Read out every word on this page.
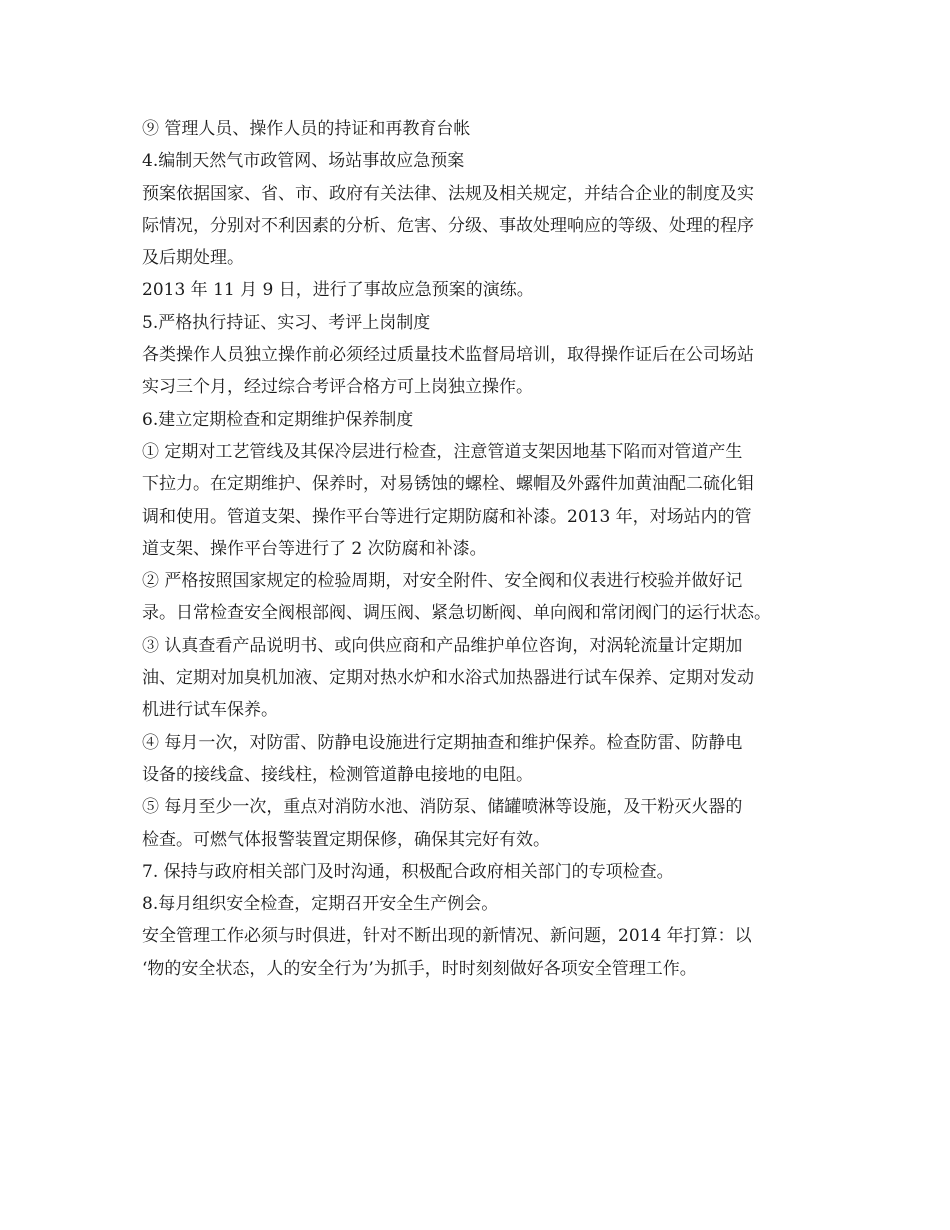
⑨ 管理人员、操作人员的持证和再教育台帐
4.编制天然气市政管网、场站事故应急预案
预案依据国家、省、市、政府有关法律、法规及相关规定，并结合企业的制度及实
际情况，分别对不利因素的分析、危害、分级、事故处理响应的等级、处理的程序
及后期处理。
2013 年 11 月 9 日，进行了事故应急预案的演练。
5.严格执行持证、实习、考评上岗制度
各类操作人员独立操作前必须经过质量技术监督局培训，取得操作证后在公司场站
实习三个月，经过综合考评合格方可上岗独立操作。
6.建立定期检查和定期维护保养制度
① 定期对工艺管线及其保冷层进行检查，注意管道支架因地基下陷而对管道产生
下拉力。在定期维护、保养时，对易锈蚀的螺栓、螺帽及外露件加黄油配二硫化钼
调和使用。管道支架、操作平台等进行定期防腐和补漆。2013 年，对场站内的管
道支架、操作平台等进行了 2 次防腐和补漆。
② 严格按照国家规定的检验周期，对安全附件、安全阀和仪表进行校验并做好记
录。日常检查安全阀根部阀、调压阀、紧急切断阀、单向阀和常闭阀门的运行状态。
③ 认真查看产品说明书、或向供应商和产品维护单位咨询，对涡轮流量计定期加
油、定期对加臭机加液、定期对热水炉和水浴式加热器进行试车保养、定期对发动
机进行试车保养。
④ 每月一次，对防雷、防静电设施进行定期抽查和维护保养。检查防雷、防静电
设备的接线盒、接线柱，检测管道静电接地的电阻。
⑤ 每月至少一次，重点对消防水池、消防泵、储罐喷淋等设施，及干粉灭火器的
检查。可燃气体报警装置定期保修，确保其完好有效。
7. 保持与政府相关部门及时沟通，积极配合政府相关部门的专项检查。
8.每月组织安全检查，定期召开安全生产例会。
安全管理工作必须与时俱进，针对不断出现的新情况、新问题，2014 年打算：以
‘物的安全状态，人的安全行为’为抓手，时时刻刻做好各项安全管理工作。
